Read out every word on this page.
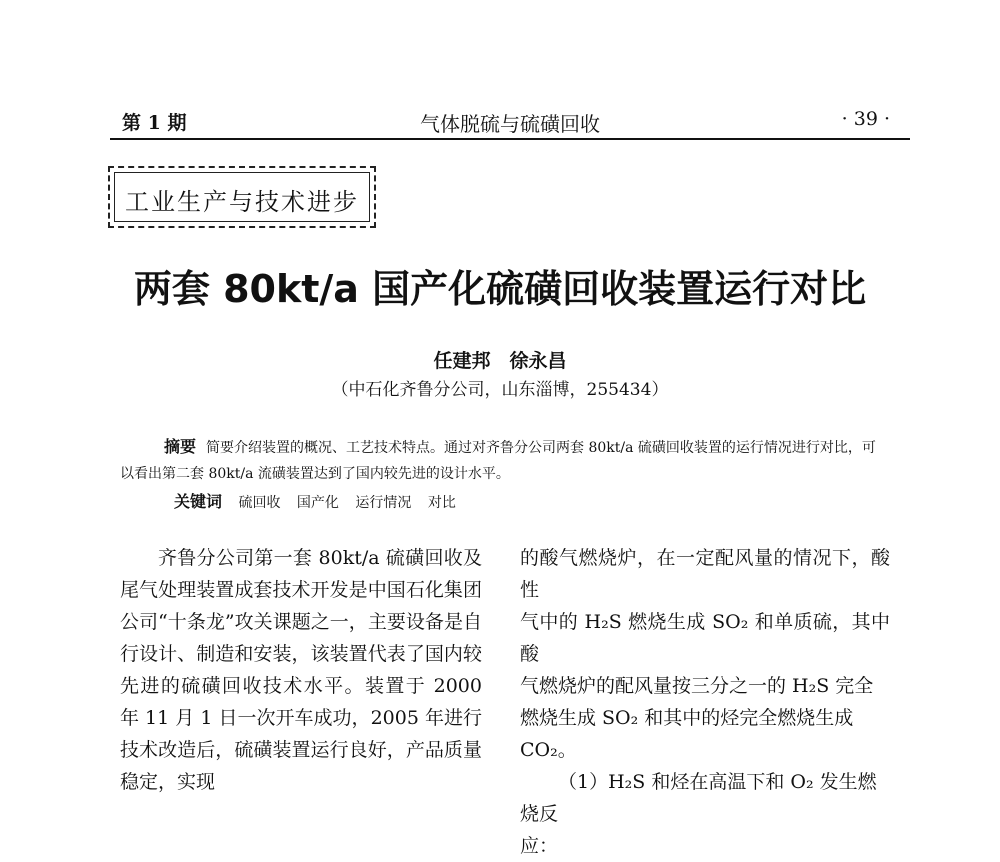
第 1 期	气体脱硫与硫磺回收	· 39 ·
工业生产与技术进步
两套 80kt/a 国产化硫磺回收装置运行对比
任建邦　徐永昌
（中石化齐鲁分公司，山东淄博，255434）
摘要 简要介绍装置的概况、工艺技术特点。通过对齐鲁分公司两套 80kt/a 硫磺回收装置的运行情况进行对比，可以看出第二套 80kt/a 流磺装置达到了国内较先进的设计水平。
关键词 硫回收 国产化 运行情况 对比
齐鲁分公司第一套 80kt/a 硫磺回收及尾气处理装置成套技术开发是中国石化集团公司“十条龙”攻关课题之一，主要设备是自行设计、制造和安装，该装置代表了国内较先进的硫磺回收技术水平。装置于 2000 年 11 月 1 日一次开车成功，2005 年进行技术改造后，硫磺装置运行良好，产品质量稳定，实现
的酸气燃烧炉，在一定配风量的情况下，酸性
气中的 H₂S 燃烧生成 SO₂ 和单质硫，其中酸
气燃烧炉的配风量按三分之一的 H₂S 完全
燃烧生成 SO₂ 和其中的烃完全燃烧生成
CO₂。
（1）H₂S 和烃在高温下和 O₂ 发生燃烧反
应：
